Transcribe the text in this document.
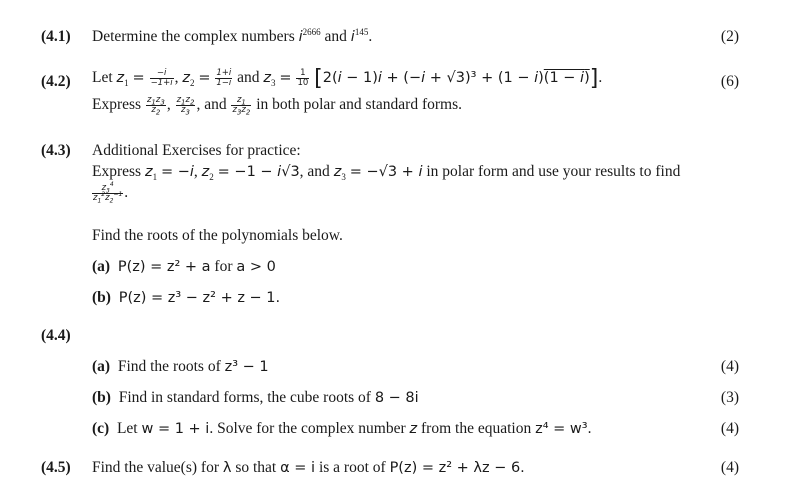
(4.1) Determine the complex numbers $i^{2666}$ and $i^{145}$.	(2)
(4.2) Let $z_1 = \frac{-i}{-1+i}$ , $z_2 = \frac{1+i}{1-i}$ and $z_3 = \frac{1}{10} [2(i - 1)i + (-i + √3)^3 + (1 - i)(1 - i)]$.	(6)
Express $\frac{z_1z_3}{z_2}$ , $\frac{z_1z_2}{z_3}$ , and $\frac{z_1}{z_3z_2}$ in both polar and standard forms.
(4.3) Additional Exercises for practice:
Express $z_1 = -i$, $z_2 = -1 - i√3$, and $z_3 = -√3 + i$ in polar form and use your results to find
$\frac{z_3^4}{z_1^2z_2^{-1}}$ .
Find the roots of the polynomials below.
(a) P(z) = z² + a for a > 0
(b) P(z) = z³ − z² + z − 1.
(4.4)
(a) Find the roots of z³ − 1	(4)
(b) Find in standard forms, the cube roots of 8 − 8i	(3)
(c) Let w = 1 + i. Solve for the complex number z from the equation z⁴ = w³.	(4)
(4.5) Find the value(s) for λ so that α = i is a root of P(z) = z² + λz − 6.	(4)
